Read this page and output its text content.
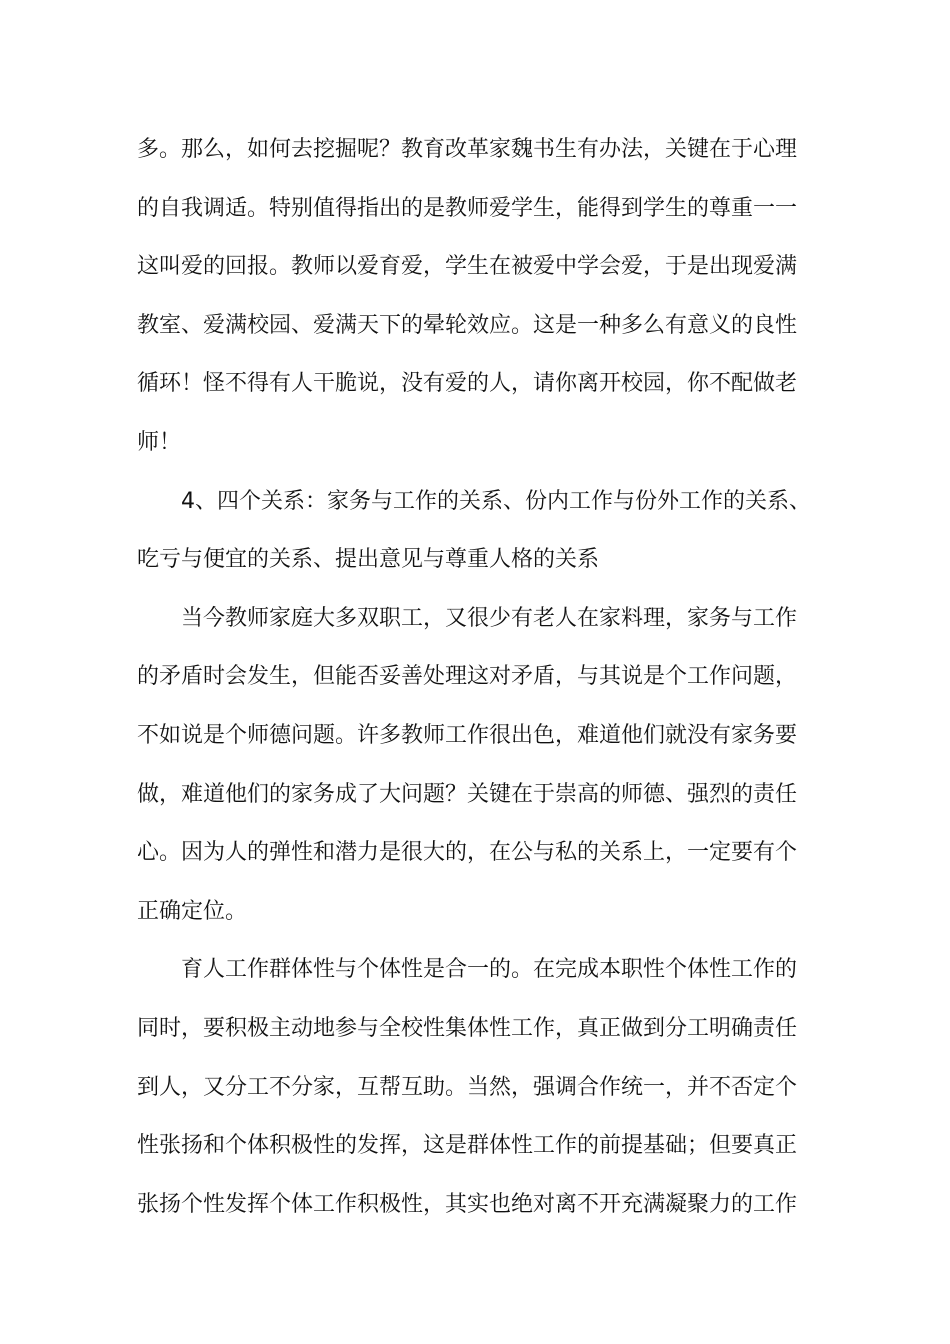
多。那么，如何去挖掘呢？教育改革家魏书生有办法，关键在于心理
的自我调适。特别值得指出的是教师爱学生，能得到学生的尊重一一
这叫爱的回报。教师以爱育爱，学生在被爱中学会爱，于是出现爱满
教室、爱满校园、爱满天下的晕轮效应。这是一种多么有意义的良性
循环！怪不得有人干脆说，没有爱的人，请你离开校园，你不配做老
师！
4、四个关系：家务与工作的关系、份内工作与份外工作的关系、
吃亏与便宜的关系、提出意见与尊重人格的关系
当今教师家庭大多双职工，又很少有老人在家料理，家务与工作
的矛盾时会发生，但能否妥善处理这对矛盾，与其说是个工作问题，
不如说是个师德问题。许多教师工作很出色，难道他们就没有家务要
做，难道他们的家务成了大问题？关键在于崇高的师德、强烈的责任
心。因为人的弹性和潜力是很大的，在公与私的关系上，一定要有个
正确定位。
育人工作群体性与个体性是合一的。在完成本职性个体性工作的
同时，要积极主动地参与全校性集体性工作，真正做到分工明确责任
到人，又分工不分家，互帮互助。当然，强调合作统一，并不否定个
性张扬和个体积极性的发挥，这是群体性工作的前提基础；但要真正
张扬个性发挥个体工作积极性，其实也绝对离不开充满凝聚力的工作
